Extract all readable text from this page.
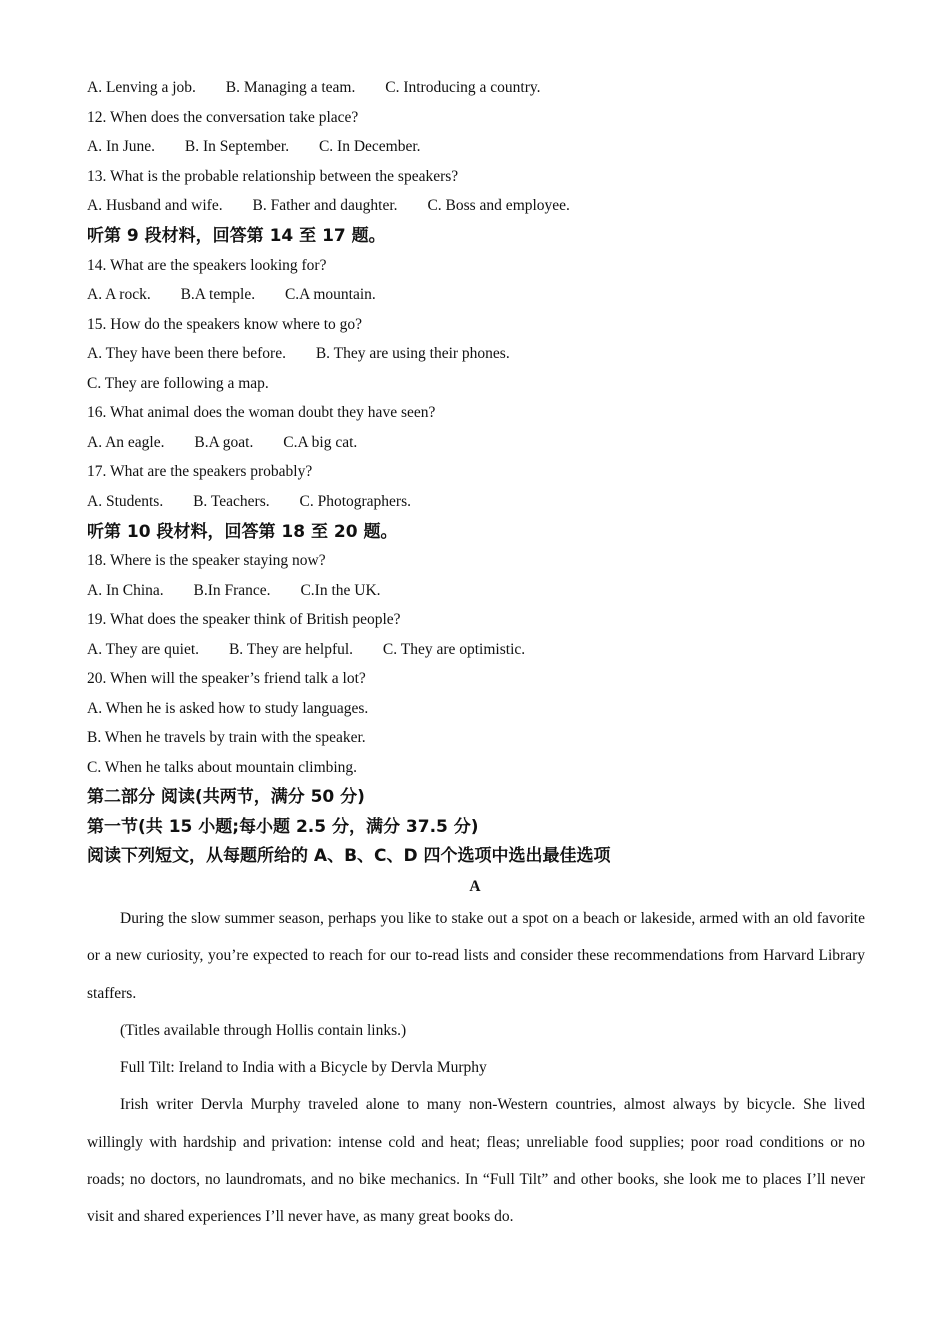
A. Lenving a job. B. Managing a team. C. Introducing a country.
12. When does the conversation take place?
A. In June. B. In September. C. In December.
13. What is the probable relationship between the speakers?
A. Husband and wife. B. Father and daughter. C. Boss and employee.
听第 9 段材料，回答第 14 至 17 题。
14. What are the speakers looking for?
A. A rock. B.A temple. C.A mountain.
15. How do the speakers know where to go?
A. They have been there before. B. They are using their phones.
C. They are following a map.
16. What animal does the woman doubt they have seen?
A. An eagle. B.A goat. C.A big cat.
17. What are the speakers probably?
A. Students. B. Teachers. C. Photographers.
听第 10 段材料，回答第 18 至 20 题。
18. Where is the speaker staying now?
A. In China. B.In France. C.In the UK.
19. What does the speaker think of British people?
A. They are quiet. B. They are helpful. C. They are optimistic.
20. When will the speaker’s friend talk a lot?
A. When he is asked how to study languages.
B. When he travels by train with the speaker.
C. When he talks about mountain climbing.
第二部分 阅读(共两节，满分 50 分)
第一节(共 15 小题;每小题 2.5 分，满分 37.5 分)
阅读下列短文，从每题所给的 A、B、C、D 四个选项中选出最佳选项
A

During the slow summer season, perhaps you like to stake out a spot on a beach or lakeside, armed with an old favorite or a new curiosity, you’re expected to reach for our to-read lists and consider these recommendations from Harvard Library staffers.

(Titles available through Hollis contain links.)

Full Tilt: Ireland to India with a Bicycle by Dervla Murphy

Irish writer Dervla Murphy traveled alone to many non-Western countries, almost always by bicycle. She lived willingly with hardship and privation: intense cold and heat; fleas; unreliable food supplies; poor road conditions or no roads; no doctors, no laundromats, and no bike mechanics. In “Full Tilt” and other books, she look me to places I’ll never visit and shared experiences I’ll never have, as many great books do.
